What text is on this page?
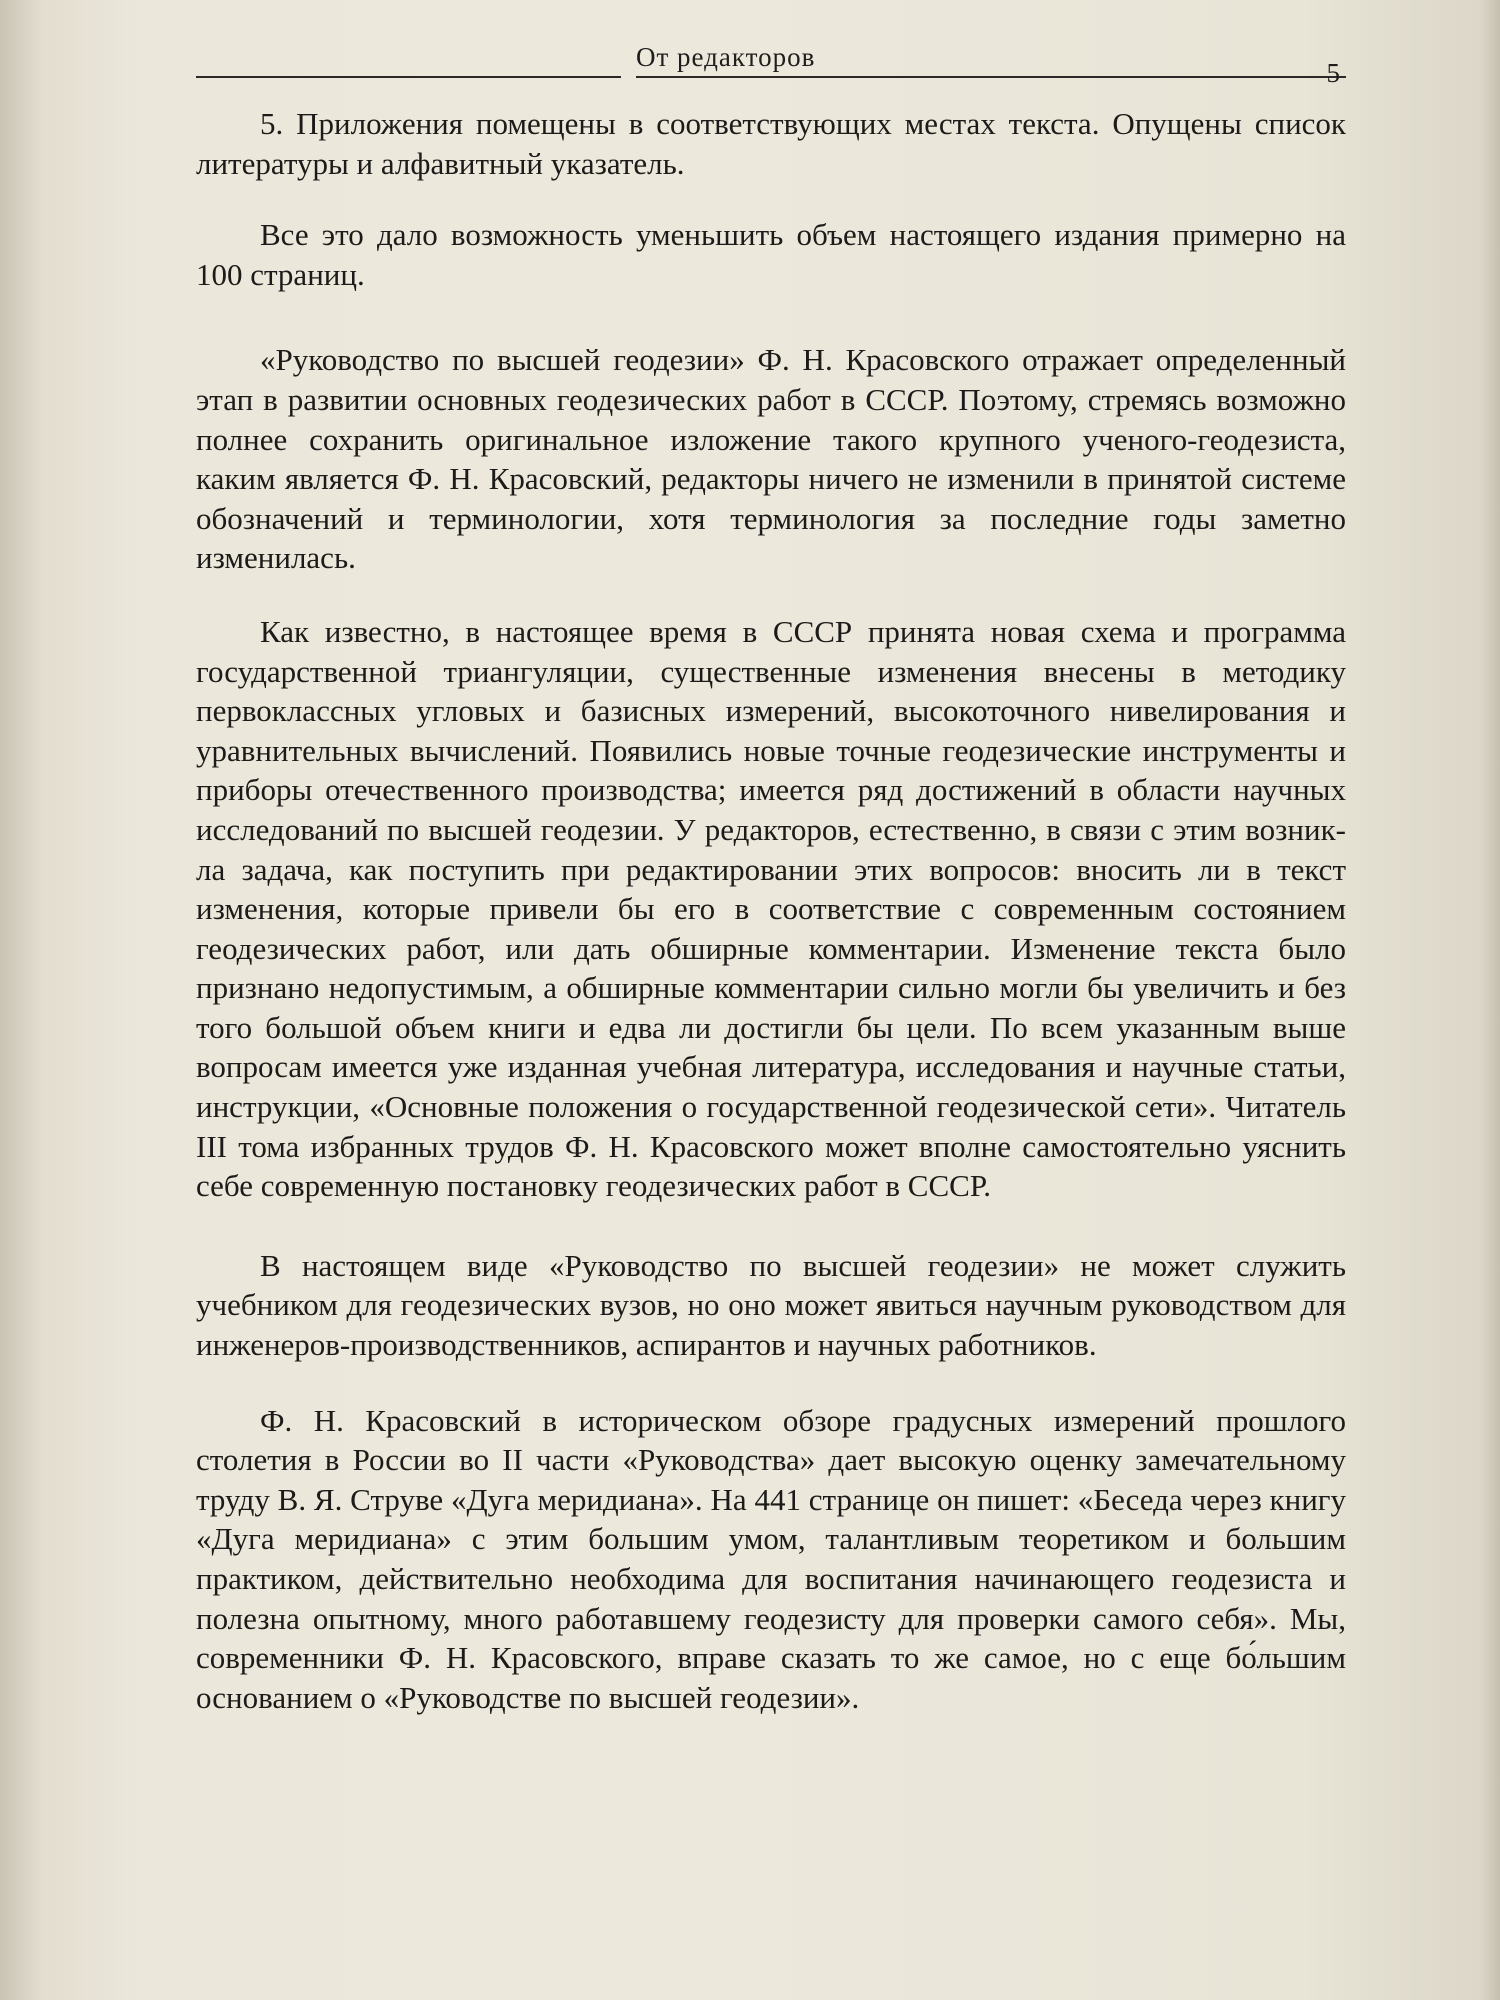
От редакторов
5

5. Приложения помещены в соответствующих местах текста. Опущены список литературы и алфавитный указатель.

Все это дало возможность уменьшить объем настоящего издания примерно на 100 страниц.

«Руководство по высшей геодезии» Ф. Н. Красовского отражает определенный этап в развитии основных геодезических работ в СССР. Поэтому, стремясь возможно полнее сохранить оригинальное изложение такого крупного ученого-геодезиста, каким является Ф. Н. Красовский, редакторы ничего не изменили в принятой системе обозначений и терминологии, хотя терминология за последние годы заметно изменилась.

Как известно, в настоящее время в СССР принята новая схема и программа государственной триангуляции, существенные изменения внесены в методику первоклассных угловых и базисных измерений, высокоточного нивелирования и уравнительных вычислений. Появились новые точные геодезические инструменты и приборы отечественного производства; имеется ряд достижений в области научных исследований по высшей геодезии. У редакторов, естественно, в связи с этим возникла задача, как поступить при редактировании этих вопросов: вносить ли в текст изменения, которые привели бы его в соответствие с современным состоянием геодезических работ, или дать обширные комментарии. Изменение текста было признано недопустимым, а обширные комментарии сильно могли бы увеличить и без того большой объем книги и едва ли достигли бы цели. По всем указанным выше вопросам имеется уже изданная учебная литература, исследования и научные статьи, инструкции, «Основные положения о государственной геодезической сети». Читатель III тома избранных трудов Ф. Н. Красовского может вполне самостоятельно уяснить себе современную постановку геодезических работ в СССР.

В настоящем виде «Руководство по высшей геодезии» не может служить учебником для геодезических вузов, но оно может явиться научным руководством для инженеров-производственников, аспирантов и научных работников.

Ф. Н. Красовский в историческом обзоре градусных измерений прошлого столетия в России во II части «Руководства» дает высокую оценку замечательному труду В. Я. Струве «Дуга меридиана». На 441 странице он пишет: «Беседа через книгу «Дуга меридиана» с этим большим умом, талантливым теоретиком и большим практиком, действительно необходима для воспитания начинающего геодезиста и полезна опытному, много работавшему геодезисту для проверки самого себя». Мы, современники Ф. Н. Красовского, вправе сказать то же самое, но с еще бо́льшим основанием о «Руководстве по высшей геодезии».
